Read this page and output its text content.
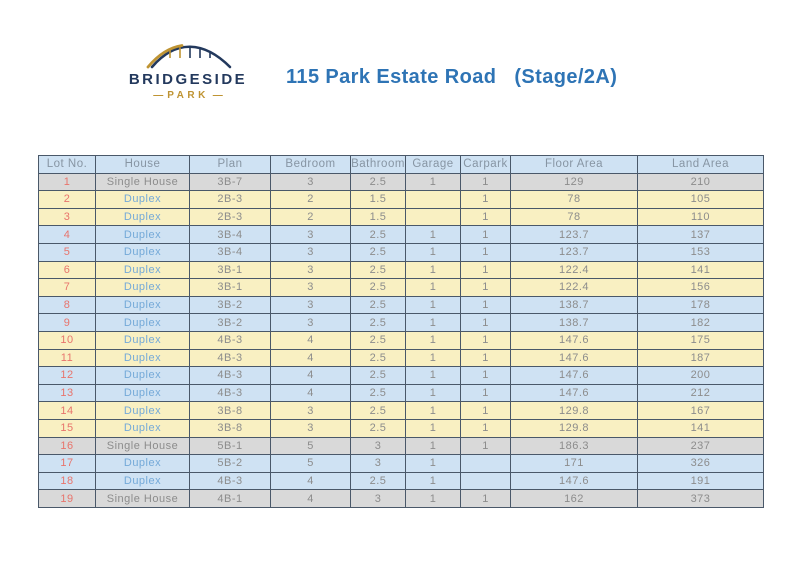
BRIDGESIDE
— PARK —
115 Park Estate Road (Stage/2A)
Lot No.	House	Plan	Bedroom	Bathroom	Garage	Carpark	Floor Area	Land Area
1	Single House	3B-7	3	2.5	1	1	129	210
2	Duplex	2B-3	2	1.5		1	78	105
3	Duplex	2B-3	2	1.5		1	78	110
4	Duplex	3B-4	3	2.5	1	1	123.7	137
5	Duplex	3B-4	3	2.5	1	1	123.7	153
6	Duplex	3B-1	3	2.5	1	1	122.4	141
7	Duplex	3B-1	3	2.5	1	1	122.4	156
8	Duplex	3B-2	3	2.5	1	1	138.7	178
9	Duplex	3B-2	3	2.5	1	1	138.7	182
10	Duplex	4B-3	4	2.5	1	1	147.6	175
11	Duplex	4B-3	4	2.5	1	1	147.6	187
12	Duplex	4B-3	4	2.5	1	1	147.6	200
13	Duplex	4B-3	4	2.5	1	1	147.6	212
14	Duplex	3B-8	3	2.5	1	1	129.8	167
15	Duplex	3B-8	3	2.5	1	1	129.8	141
16	Single House	5B-1	5	3	1	1	186.3	237
17	Duplex	5B-2	5	3	1		171	326
18	Duplex	4B-3	4	2.5	1		147.6	191
19	Single House	4B-1	4	3	1	1	162	373
